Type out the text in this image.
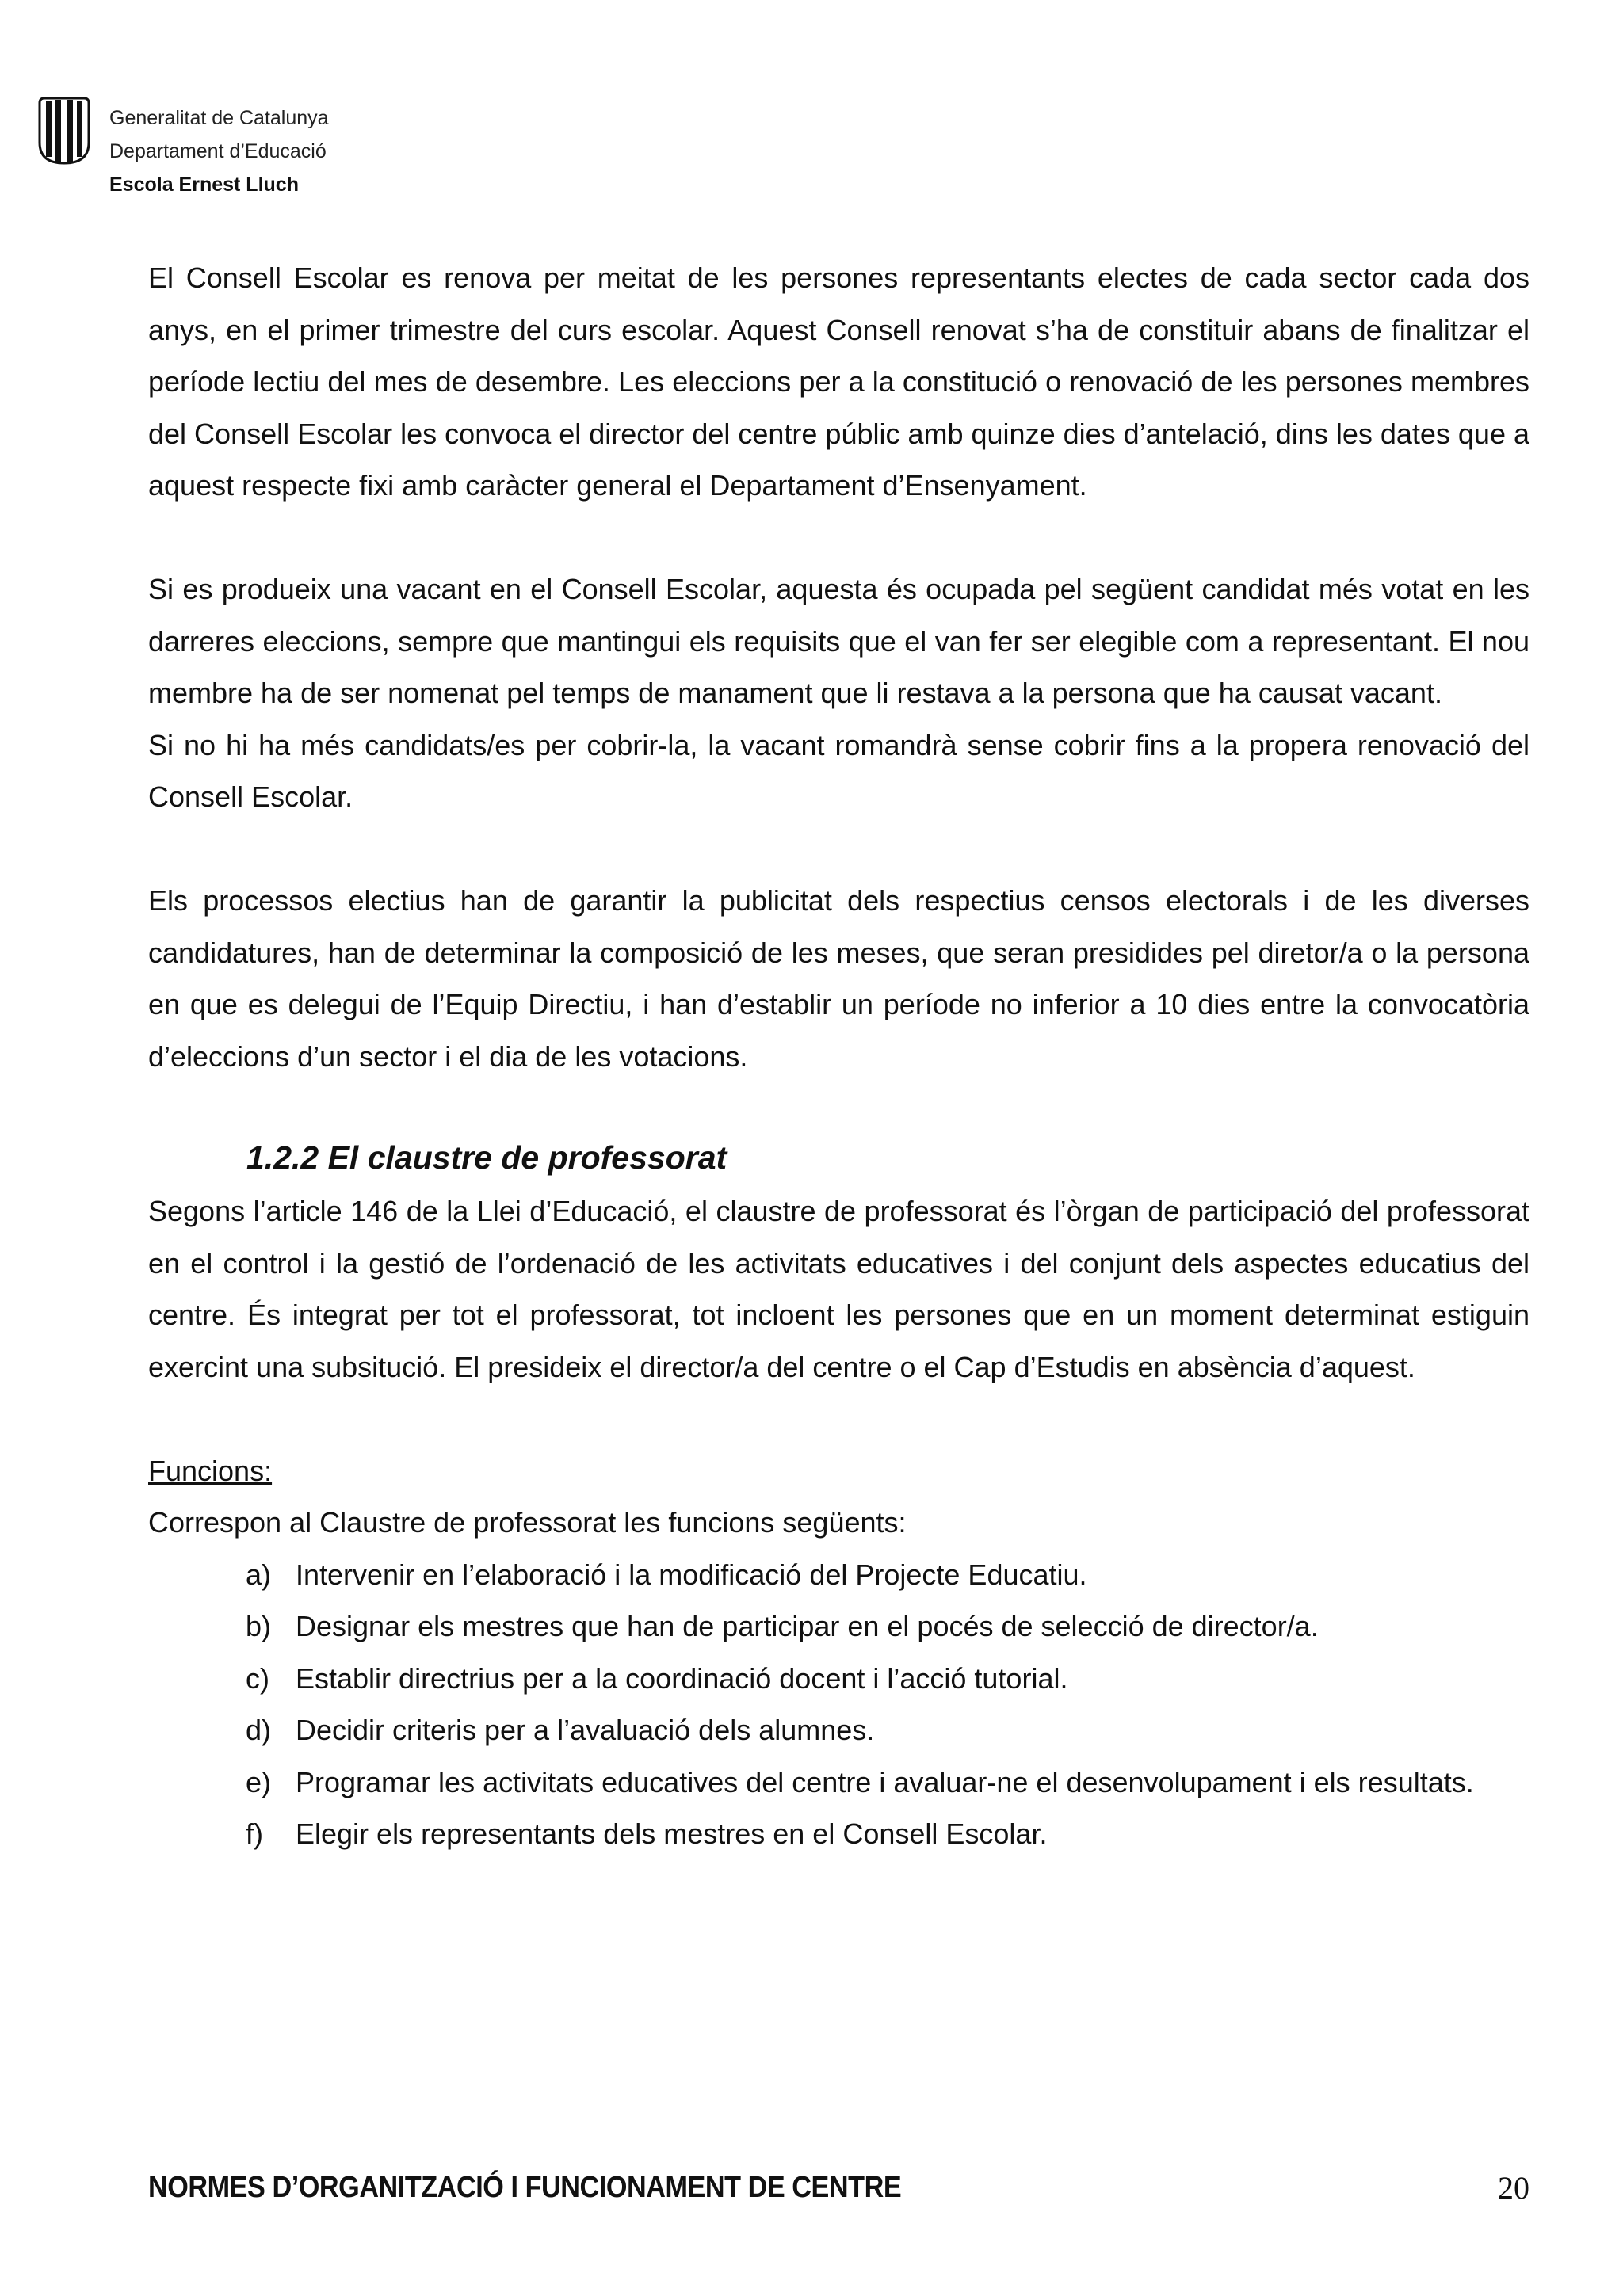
Generalitat de Catalunya
Departament d’Educació
Escola Ernest Lluch

El Consell Escolar es renova per meitat de les persones representants electes de cada sector cada dos anys, en el primer trimestre del curs escolar. Aquest Consell renovat s’ha de constituir abans de finalitzar el període lectiu del mes de desembre. Les eleccions per a la constitució o renovació de les persones membres del Consell Escolar les convoca el director del centre públic amb quinze dies d’antelació, dins les dates que a aquest respecte fixi amb caràcter general el Departament d’Ensenyament.

Si es produeix una vacant en el Consell Escolar, aquesta és ocupada pel següent candidat més votat en les darreres eleccions, sempre que mantingui els requisits que el van fer ser elegible com a representant. El nou membre ha de ser nomenat pel temps de manament que li restava a la persona que ha causat vacant.

Si no hi ha més candidats/es per cobrir-la, la vacant romandrà sense cobrir fins a la propera renovació del Consell Escolar.

Els processos electius han de garantir la publicitat dels respectius censos electorals i de les diverses candidatures, han de determinar la composició de les meses, que seran presidides pel diretor/a o la persona en que es delegui de l’Equip Directiu, i han d’establir un període no inferior a 10 dies entre la convocatòria d’eleccions d’un sector i el dia de les votacions.

1.2.2 El claustre de professorat

Segons l’article 146 de la Llei d’Educació, el claustre de professorat és l’òrgan de participació del professorat en el control i la gestió de l’ordenació de les activitats educatives i del conjunt dels aspectes educatius del centre. És integrat per tot el professorat, tot incloent les persones que en un moment determinat estiguin exercint una subsitució. El presideix el director/a del centre o el Cap d’Estudis en absència d’aquest.

Funcions:

Correspon al Claustre de professorat les funcions següents:

a) Intervenir en l’elaboració i la modificació del Projecte Educatiu.
b) Designar els mestres que han de participar en el pocés de selecció de director/a.
c) Establir directrius per a la coordinació docent i l’acció tutorial.
d) Decidir criteris per a l’avaluació dels alumnes.
e) Programar les activitats educatives del centre i avaluar-ne el desenvolupament i els resultats.
f) Elegir els representants dels mestres en el Consell Escolar.
NORMES D’ORGANITZACIÓ I FUNCIONAMENT DE CENTRE	20
